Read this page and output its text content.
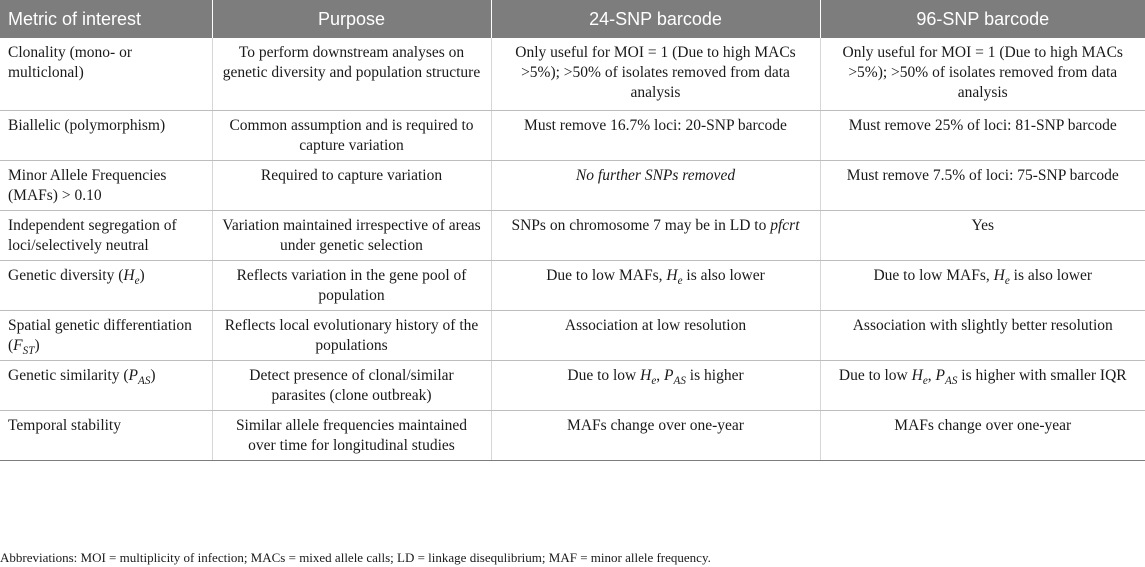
Metric of interest	Purpose	24-SNP barcode	96-SNP barcode
Clonality (mono- or multiclonal)	To perform downstream analyses on genetic diversity and population structure	Only useful for MOI = 1 (Due to high MACs >5%); >50% of isolates removed from data analysis	Only useful for MOI = 1 (Due to high MACs >5%); >50% of isolates removed from data analysis
Biallelic (polymorphism)	Common assumption and is required to capture variation	Must remove 16.7% loci: 20-SNP barcode	Must remove 25% of loci: 81-SNP barcode
Minor Allele Frequencies (MAFs) > 0.10	Required to capture variation	No further SNPs removed	Must remove 7.5% of loci: 75-SNP barcode
Independent segregation of loci/selectively neutral	Variation maintained irrespective of areas under genetic selection	SNPs on chromosome 7 may be in LD to pfcrt	Yes
Genetic diversity $(H_e)$	Reflects variation in the gene pool of population	Due to low MAFs, $H_e$ is also lower	Due to low MAFs, $H_e$ is also lower
Spatial genetic differentiation $(F_{ST})$	Reflects local evolutionary history of the populations	Association at low resolution	Association with slightly better resolution
Genetic similarity $(P_{AS})$	Detect presence of clonal/similar parasites (clone outbreak)	Due to low $H_e$, $P_{AS}$ is higher	Due to low $H_e$, $P_{AS}$ is higher with smaller IQR
Temporal stability	Similar allele frequencies maintained over time for longitudinal studies	MAFs change over one-year	MAFs change over one-year
Abbreviations: MOI = multiplicity of infection; MACs = mixed allele calls; LD = linkage disequlibrium; MAF = minor allele frequency.
